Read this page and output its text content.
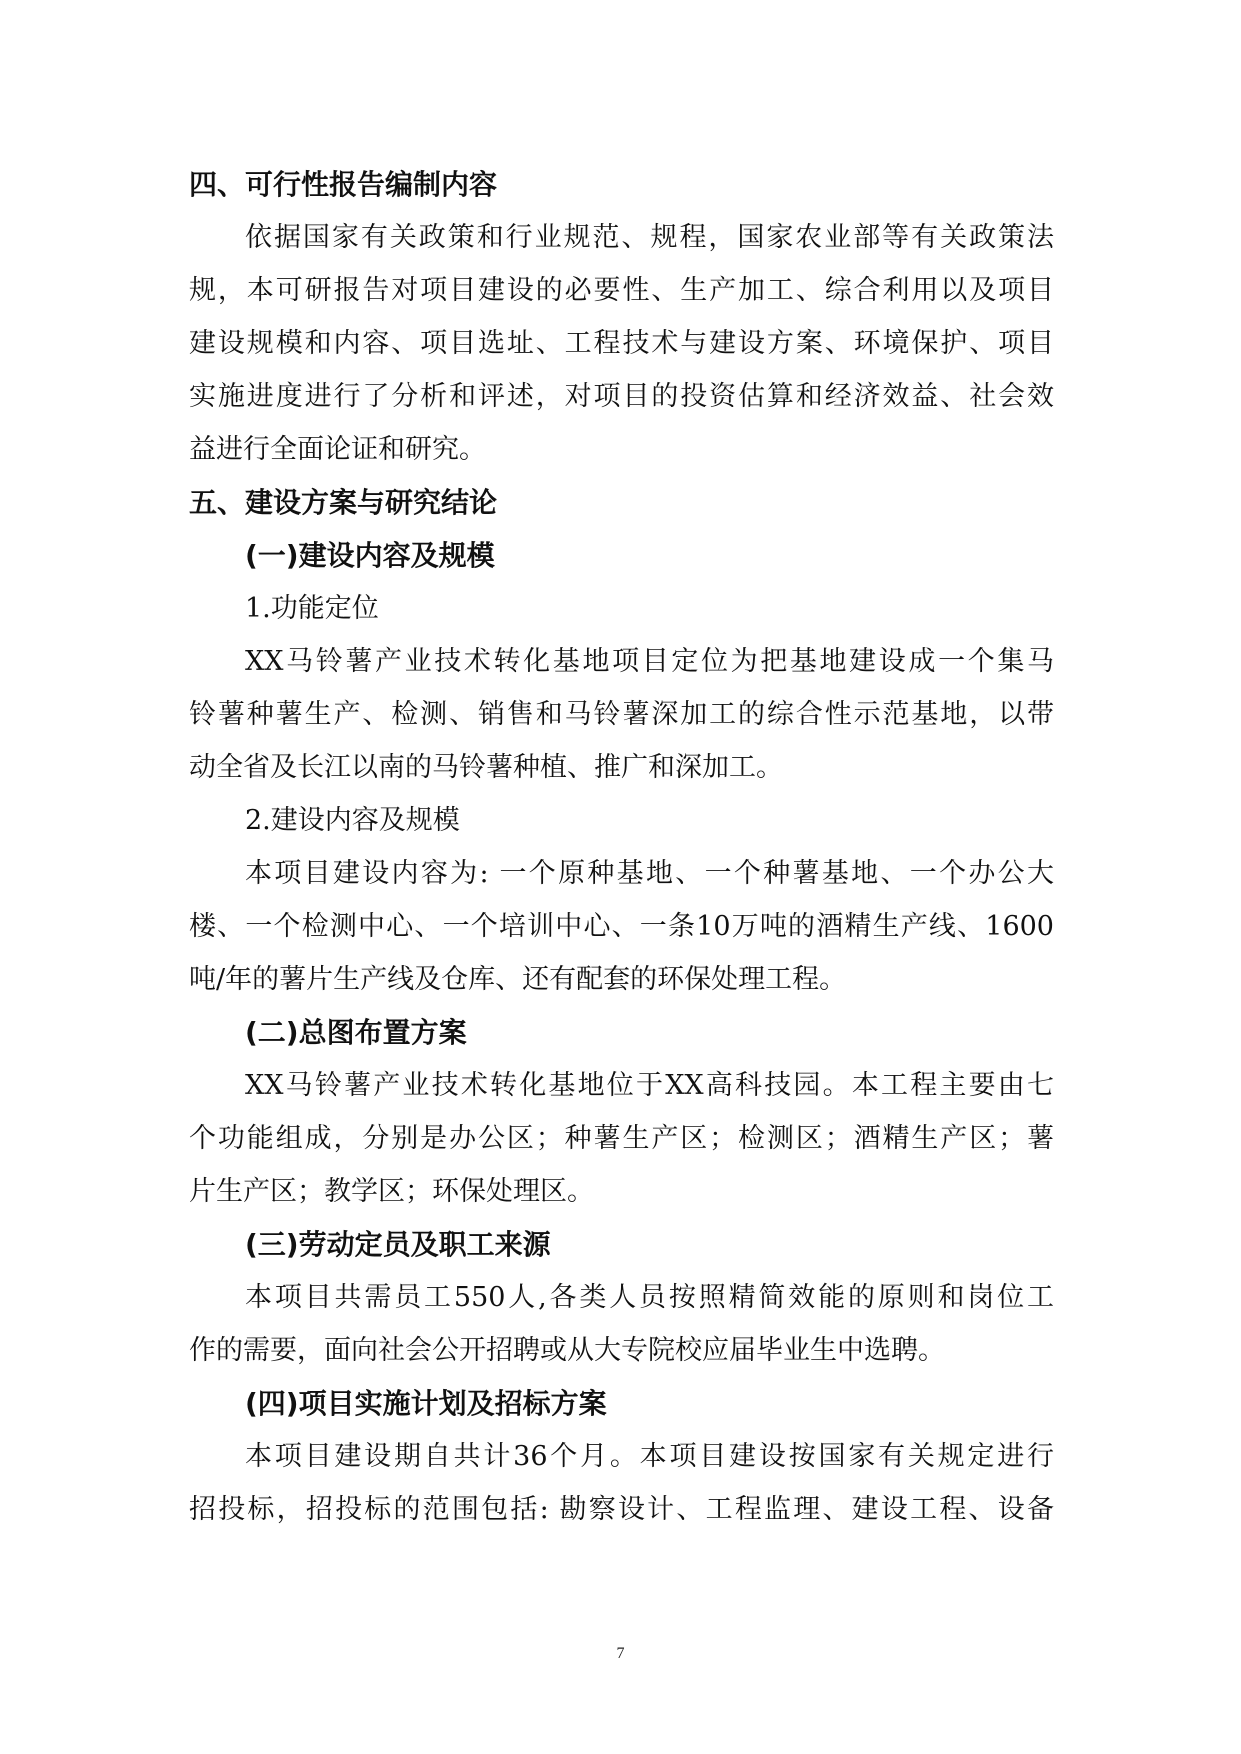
四、可行性报告编制内容
依据国家有关政策和行业规范、规程，国家农业部等有关政策法
规，本可研报告对项目建设的必要性、生产加工、综合利用以及项目
建设规模和内容、项目选址、工程技术与建设方案、环境保护、项目
实施进度进行了分析和评述，对项目的投资估算和经济效益、社会效
益进行全面论证和研究。
五、建设方案与研究结论
(一)建设内容及规模
1.功能定位
XX马铃薯产业技术转化基地项目定位为把基地建设成一个集马
铃薯种薯生产、检测、销售和马铃薯深加工的综合性示范基地，以带
动全省及长江以南的马铃薯种植、推广和深加工。
2.建设内容及规模
本项目建设内容为: 一个原种基地、一个种薯基地、一个办公大
楼、一个检测中心、一个培训中心、一条10万吨的酒精生产线、1600
吨/年的薯片生产线及仓库、还有配套的环保处理工程。
(二)总图布置方案
XX马铃薯产业技术转化基地位于XX高科技园。本工程主要由七
个功能组成，分别是办公区；种薯生产区；检测区；酒精生产区；薯
片生产区；教学区；环保处理区。
(三)劳动定员及职工来源
本项目共需员工550人,各类人员按照精简效能的原则和岗位工
作的需要，面向社会公开招聘或从大专院校应届毕业生中选聘。
(四)项目实施计划及招标方案
本项目建设期自共计36个月。本项目建设按国家有关规定进行
招投标，招投标的范围包括: 勘察设计、工程监理、建设工程、设备
7
